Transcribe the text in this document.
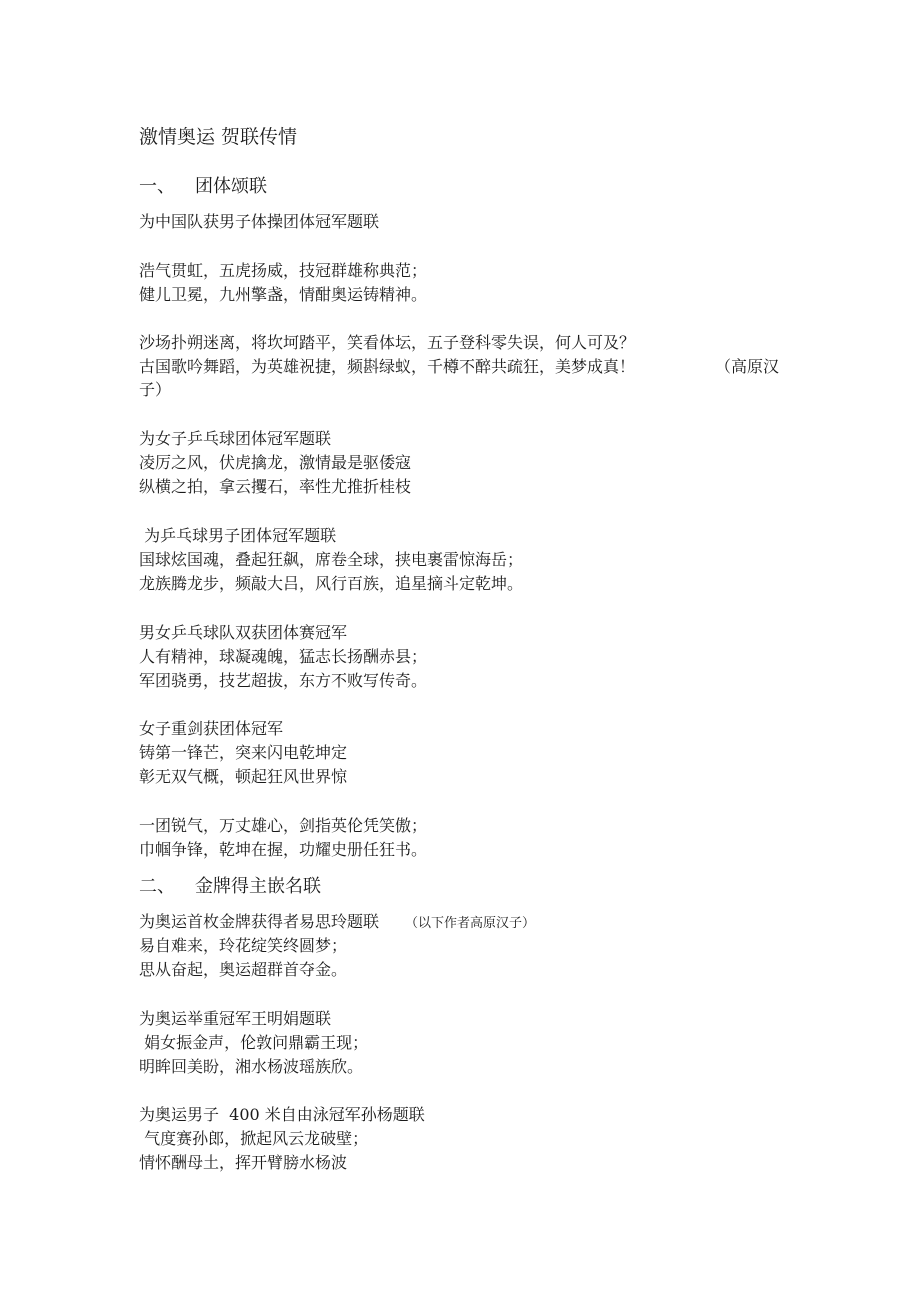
激情奥运 贺联传情
一、 团体颂联
为中国队获男子体操团体冠军题联
浩气贯虹，五虎扬威，技冠群雄称典范；
健儿卫冕，九州擎盏，情酣奥运铸精神。
沙场扑朔迷离，将坎坷踏平，笑看体坛，五子登科零失误，何人可及？
古国歌吟舞蹈，为英雄祝捷，频斟绿蚁，千樽不醉共疏狂，美梦成真！	（高原汉
子）
为女子乒乓球团体冠军题联
凌厉之风，伏虎擒龙，激情最是驱倭寇
纵横之拍，拿云攫石，率性尤推折桂枝
为乒乓球男子团体冠军题联
国球炫国魂，叠起狂飙，席卷全球，挟电裹雷惊海岳；
龙族腾龙步，频敲大吕，风行百族，追星摘斗定乾坤。
男女乒乓球队双获团体赛冠军
人有精神，球凝魂魄，猛志长扬酬赤县；
军团骁勇，技艺超拔，东方不败写传奇。
女子重剑获团体冠军
铸第一锋芒，突来闪电乾坤定
彰无双气概，顿起狂风世界惊
一团锐气，万丈雄心，剑指英伦凭笑傲；
巾帼争锋，乾坤在握，功耀史册任狂书。
二、 金牌得主嵌名联
为奥运首枚金牌获得者易思玲题联 （以下作者高原汉子）
易自难来，玲花绽笑终圆梦；
思从奋起，奥运超群首夺金。
为奥运举重冠军王明娟题联
娟女振金声，伦敦问鼎霸王现；
明眸回美盼，湘水杨波瑶族欣。
为奥运男子  400 米自由泳冠军孙杨题联
气度赛孙郎，掀起风云龙破壁；
情怀酬母土，挥开臂膀水杨波
